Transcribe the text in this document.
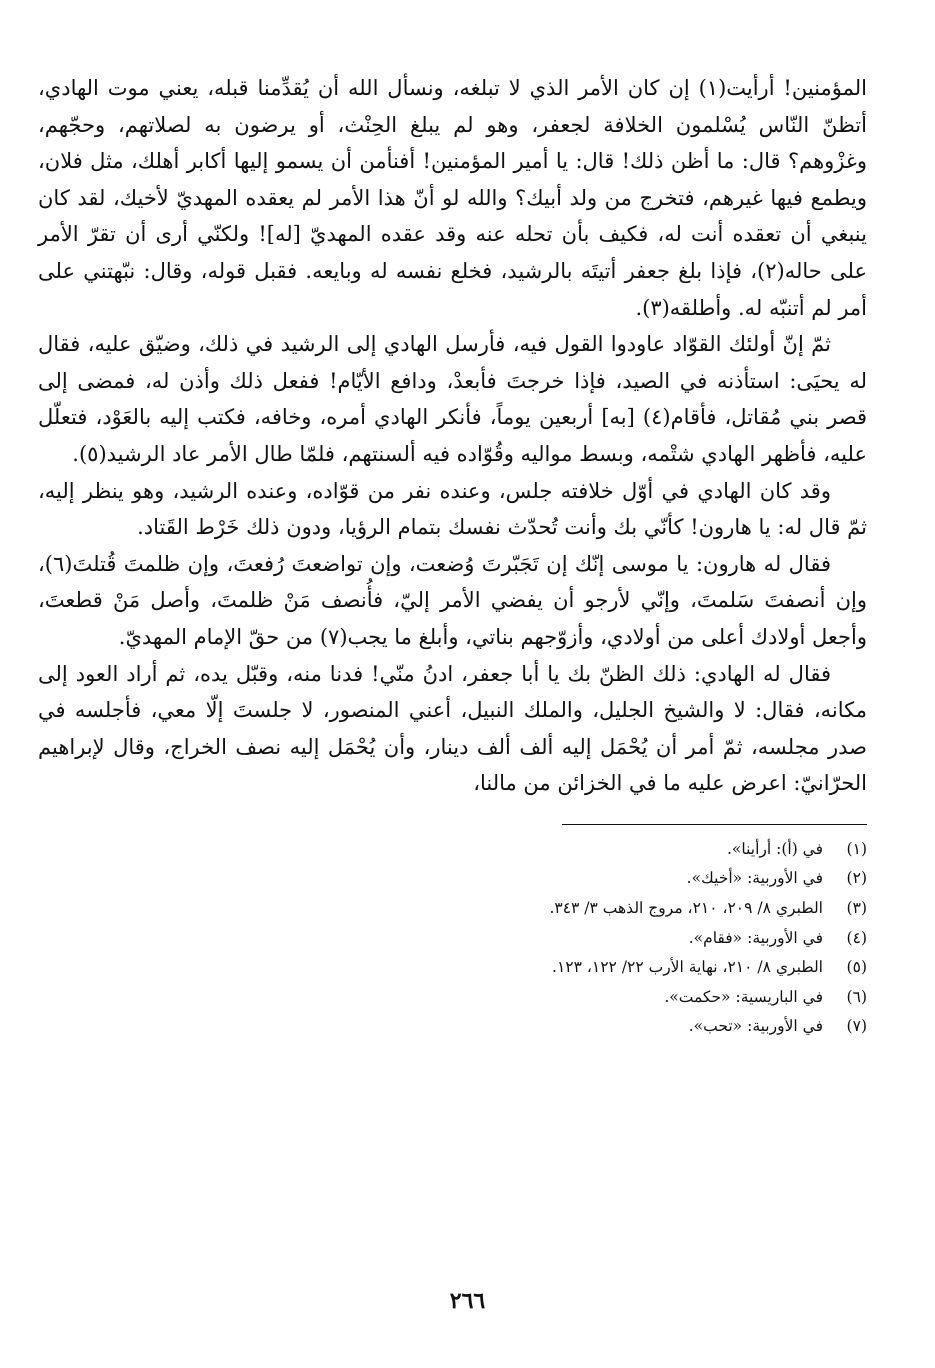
المؤمنين! أرأيت(١) إن كان الأمر الذي لا تبلغه، ونسأل الله أن يُقدِّمنا قبله، يعني موت الهادي، أتظنّ النّاس يُسْلمون الخلافة لجعفر، وهو لم يبلغ الحِنْث، أو يرضون به لصلاتهم، وحجّهم، وغزْوهم؟ قال: ما أظن ذلك! قال: يا أمير المؤمنين! أفنأمن أن يسمو إليها أكابر أهلك، مثل فلان، ويطمع فيها غيرهم، فتخرج من ولد أبيك؟ والله لو أنّ هذا الأمر لم يعقده المهديّ لأخيك، لقد كان ينبغي أن تعقده أنت له، فكيف بأن تحله عنه وقد عقده المهديّ [له]! ولكنّي أرى أن تقرّ الأمر على حاله(٢)، فإذا بلغ جعفر أتيتَه بالرشيد، فخلع نفسه له وبايعه. فقبل قوله، وقال: نبّهتني على أمر لم أتنبّه له. وأطلقه(٣).

ثمّ إنّ أولئك القوّاد عاودوا القول فيه، فأرسل الهادي إلى الرشيد في ذلك، وضيّق عليه، فقال له يحيَى: استأذنه في الصيد، فإذا خرجتَ فأبعدْ، ودافع الأيّام! ففعل ذلك وأذن له، فمضى إلى قصر بني مُقاتل، فأقام(٤) [به] أربعين يوماً، فأنكر الهادي أمره، وخافه، فكتب إليه بالعَوْد، فتعلّل عليه، فأظهر الهادي شتْمه، وبسط مواليه وقُوّاده فيه ألسنتهم، فلمّا طال الأمر عاد الرشيد(٥).

وقد كان الهادي في أوّل خلافته جلس، وعنده نفر من قوّاده، وعنده الرشيد، وهو ينظر إليه، ثمّ قال له: يا هارون! كأنّي بك وأنت تُحدّث نفسك بتمام الرؤيا، ودون ذلك خَرْط القَتاد.

فقال له هارون: يا موسى إنّك إن تَجَبّرتَ وُضعت، وإن تواضعتَ رُفعتَ، وإن ظلمتَ قُتلتَ(٦)، وإن أنصفتَ سَلمتَ، وإنّي لأرجو أن يفضي الأمر إليّ، فأُنصف مَنْ ظلمتَ، وأصل مَنْ قطعتَ، وأجعل أولادك أعلى من أولادي، وأزوّجهم بناتي، وأبلغ ما يجب(٧) من حقّ الإمام المهديّ.

فقال له الهادي: ذلك الظنّ بك يا أبا جعفر، ادنُ منّي! فدنا منه، وقبّل يده، ثم أراد العود إلى مكانه، فقال: لا والشيخ الجليل، والملك النبيل، أعني المنصور، لا جلستَ إلّا معي، فأجلسه في صدر مجلسه، ثمّ أمر أن يُحْمَل إليه ألف ألف دينار، وأن يُحْمَل إليه نصف الخراج، وقال لإبراهيم الحرّانيّ: اعرض عليه ما في الخزائن من مالنا،

(١)
في (أ): أرأينا».
(٢)
في الأوربية: «أخيك».
(٣)
الطبري ٨/ ٢٠٩، ٢١٠، مروج الذهب ٣/ ٣٤٣.
(٤)
في الأوربية: «فقام».
(٥)
الطبري ٨/ ٢١٠، نهاية الأرب ٢٢/ ١٢٢، ١٢٣.
(٦)
في الباريسية: «حكمت».
(٧)
في الأوربية: «تحب».
٢٦٦
